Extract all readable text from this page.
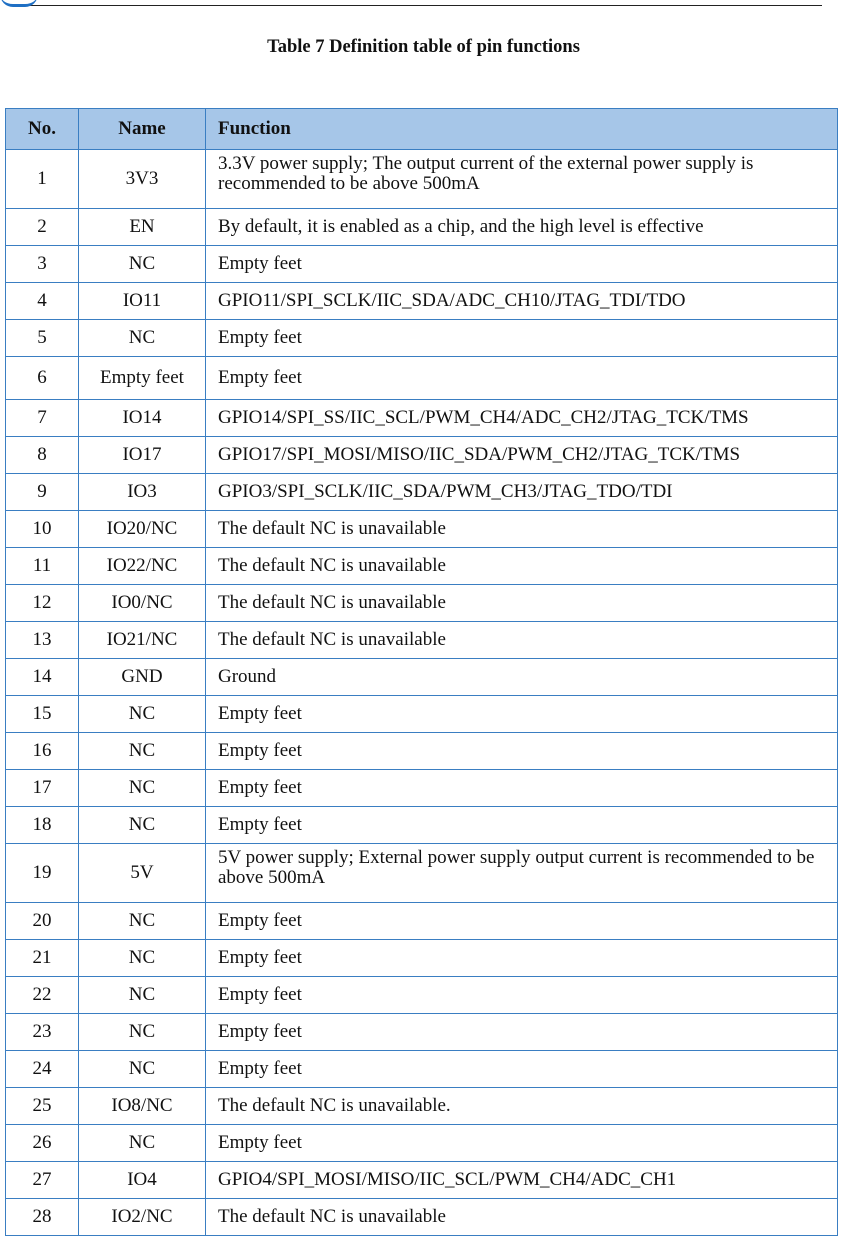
Table 7 Definition table of pin functions
No.	Name	Function
1	3V3	3.3V power supply; The output current of the external power supply is recommended to be above 500mA
2	EN	By default, it is enabled as a chip, and the high level is effective
3	NC	Empty feet
4	IO11	GPIO11/SPI_SCLK/IIC_SDA/ADC_CH10/JTAG_TDI/TDO
5	NC	Empty feet
6	Empty feet	Empty feet
7	IO14	GPIO14/SPI_SS/IIC_SCL/PWM_CH4/ADC_CH2/JTAG_TCK/TMS
8	IO17	GPIO17/SPI_MOSI/MISO/IIC_SDA/PWM_CH2/JTAG_TCK/TMS
9	IO3	GPIO3/SPI_SCLK/IIC_SDA/PWM_CH3/JTAG_TDO/TDI
10	IO20/NC	The default NC is unavailable
11	IO22/NC	The default NC is unavailable
12	IO0/NC	The default NC is unavailable
13	IO21/NC	The default NC is unavailable
14	GND	Ground
15	NC	Empty feet
16	NC	Empty feet
17	NC	Empty feet
18	NC	Empty feet
19	5V	5V power supply; External power supply output current is recommended to be above 500mA
20	NC	Empty feet
21	NC	Empty feet
22	NC	Empty feet
23	NC	Empty feet
24	NC	Empty feet
25	IO8/NC	The default NC is unavailable.
26	NC	Empty feet
27	IO4	GPIO4/SPI_MOSI/MISO/IIC_SCL/PWM_CH4/ADC_CH1
28	IO2/NC	The default NC is unavailable
